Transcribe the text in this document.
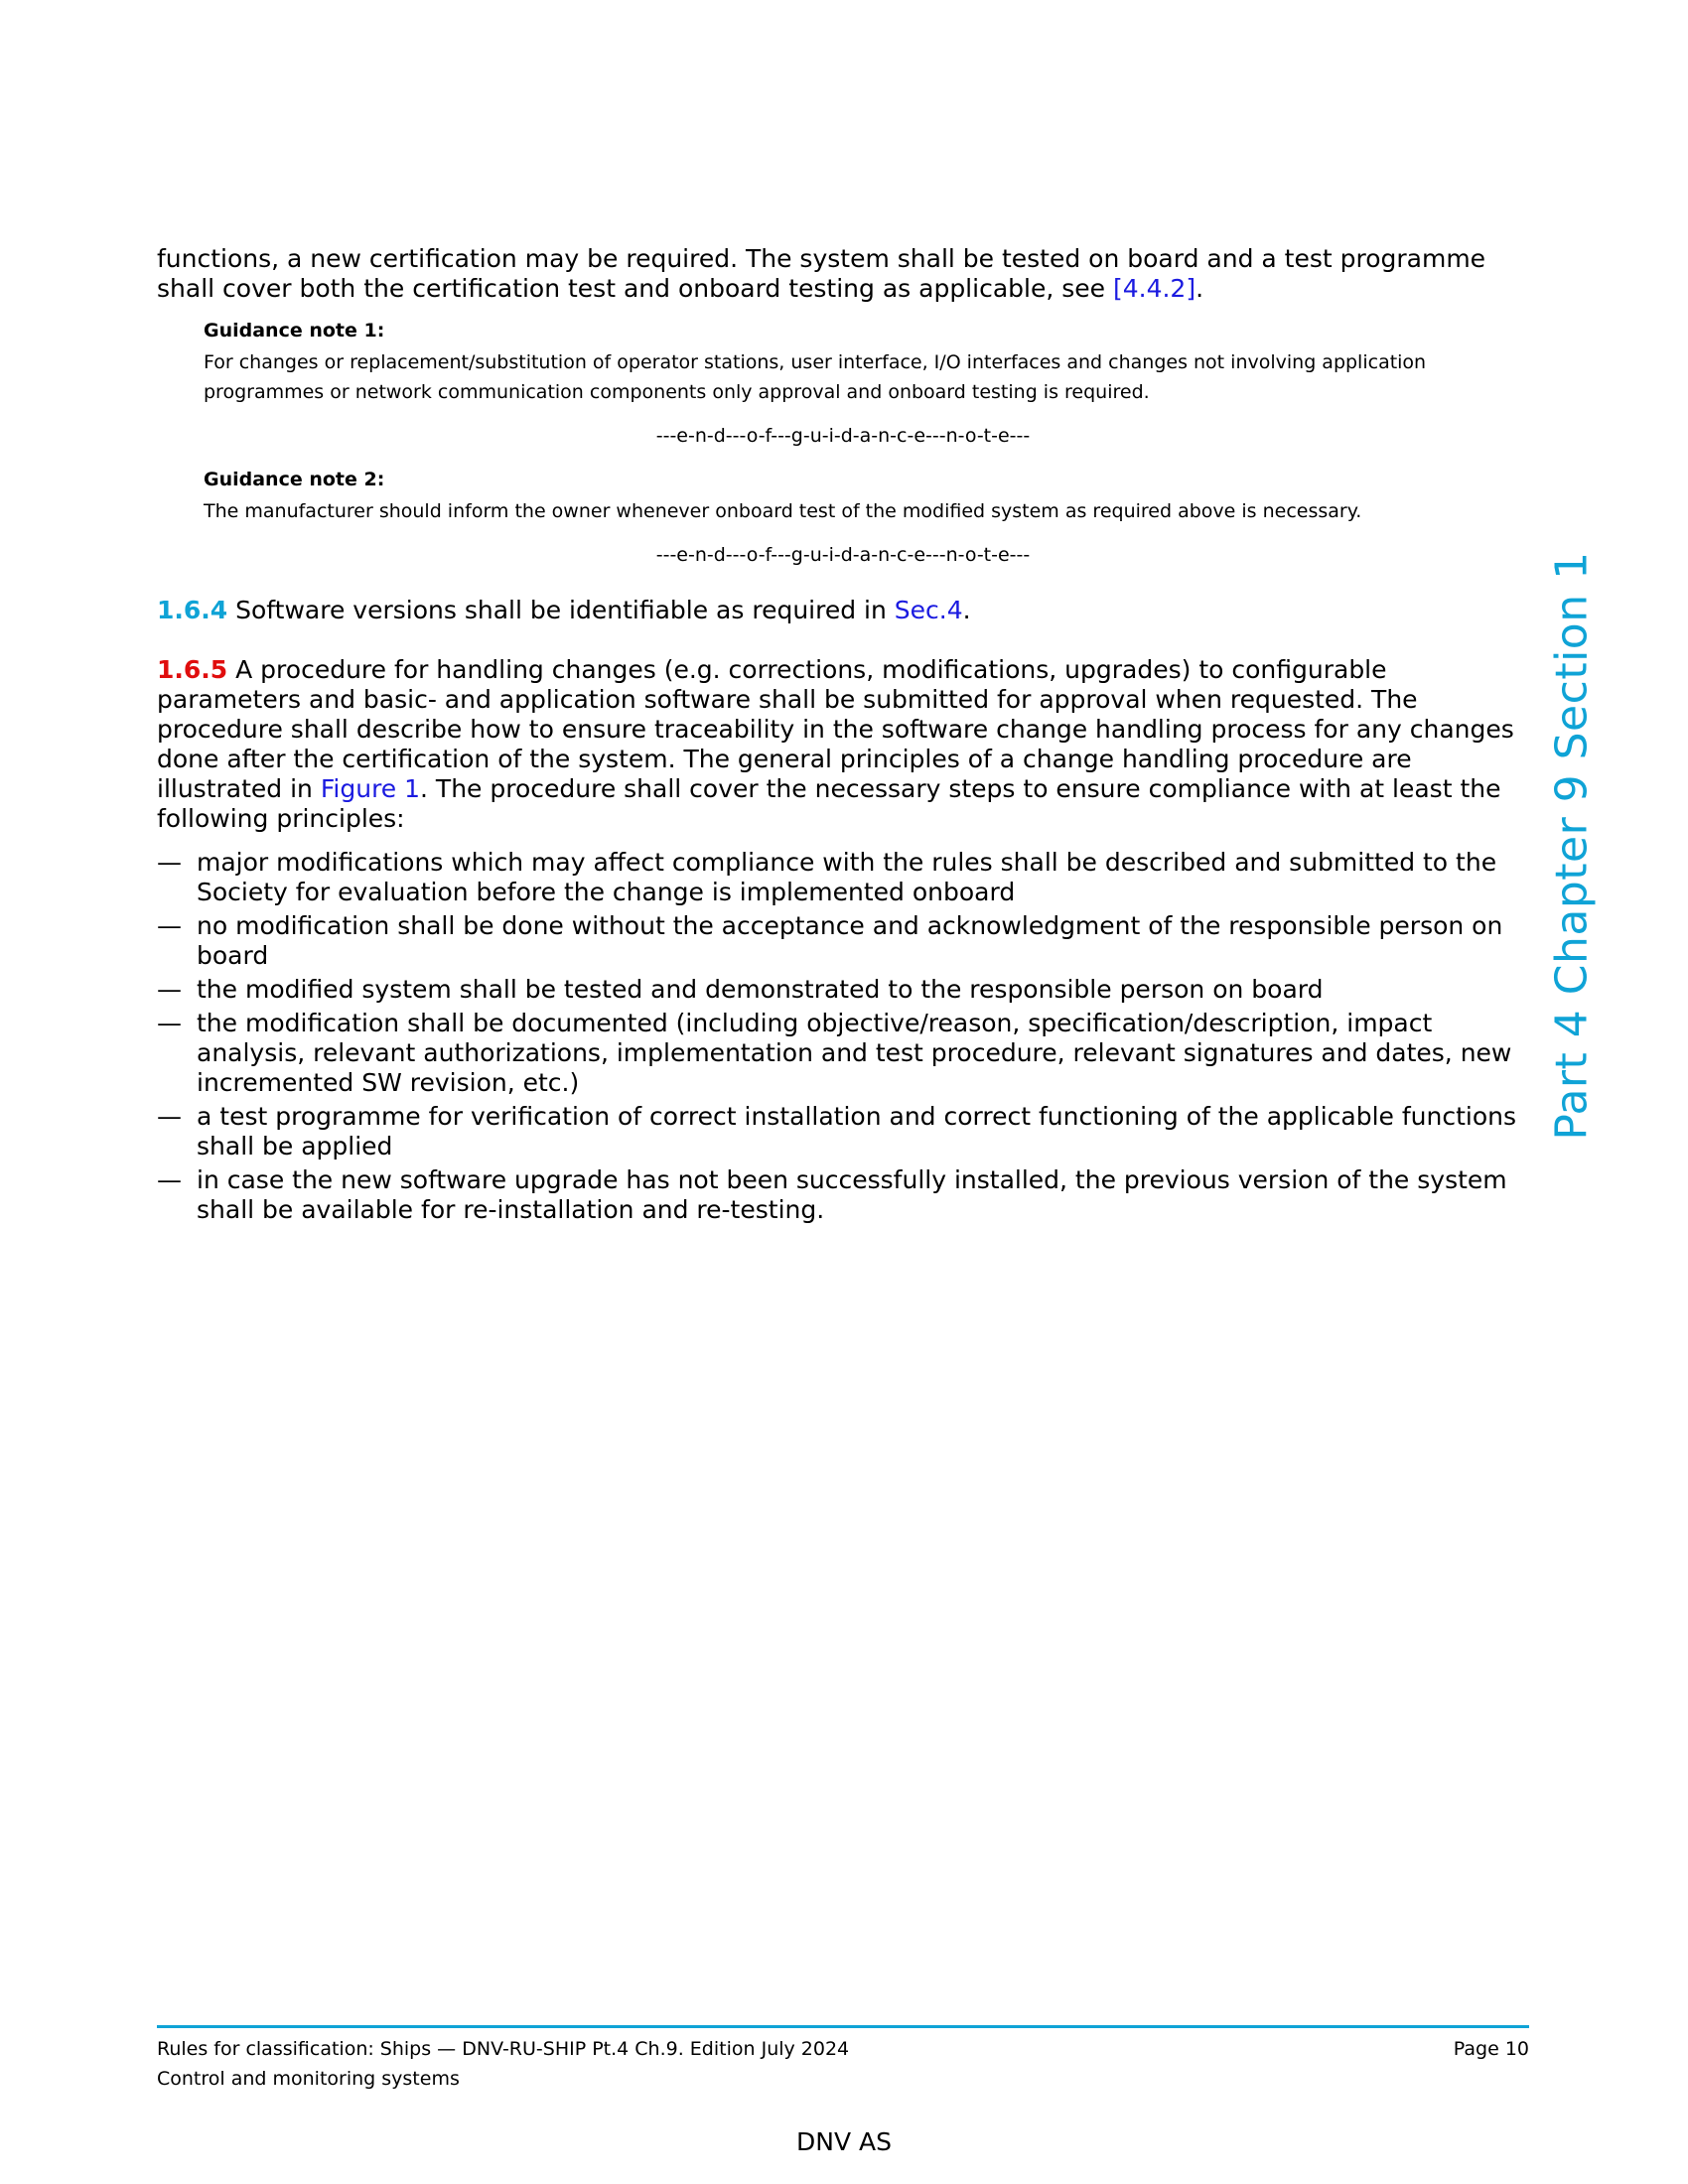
Part 4 Chapter 9 Section 1

functions, a new certification may be required. The system shall be tested on board and a test programme shall cover both the certification test and onboard testing as applicable, see [4.4.2].

Guidance note 1:

For changes or replacement/substitution of operator stations, user interface, I/O interfaces and changes not involving application programmes or network communication components only approval and onboard testing is required.

---e-n-d---o-f---g-u-i-d-a-n-c-e---n-o-t-e---

Guidance note 2:

The manufacturer should inform the owner whenever onboard test of the modified system as required above is necessary.

---e-n-d---o-f---g-u-i-d-a-n-c-e---n-o-t-e---

1.6.4 Software versions shall be identifiable as required in Sec.4.

1.6.5 A procedure for handling changes (e.g. corrections, modifications, upgrades) to configurable parameters and basic- and application software shall be submitted for approval when requested. The procedure shall describe how to ensure traceability in the software change handling process for any changes done after the certification of the system. The general principles of a change handling procedure are illustrated in Figure 1. The procedure shall cover the necessary steps to ensure compliance with at least the following principles:

— major modifications which may affect compliance with the rules shall be described and submitted to the Society for evaluation before the change is implemented onboard
— no modification shall be done without the acceptance and acknowledgment of the responsible person on board
— the modified system shall be tested and demonstrated to the responsible person on board
— the modification shall be documented (including objective/reason, specification/description, impact analysis, relevant authorizations, implementation and test procedure, relevant signatures and dates, new incremented SW revision, etc.)
— a test programme for verification of correct installation and correct functioning of the applicable functions shall be applied
— in case the new software upgrade has not been successfully installed, the previous version of the system shall be available for re-installation and re-testing.
Rules for classification: Ships — DNV-RU-SHIP Pt.4 Ch.9. Edition July 2024	Page 10
Control and monitoring systems
DNV AS
